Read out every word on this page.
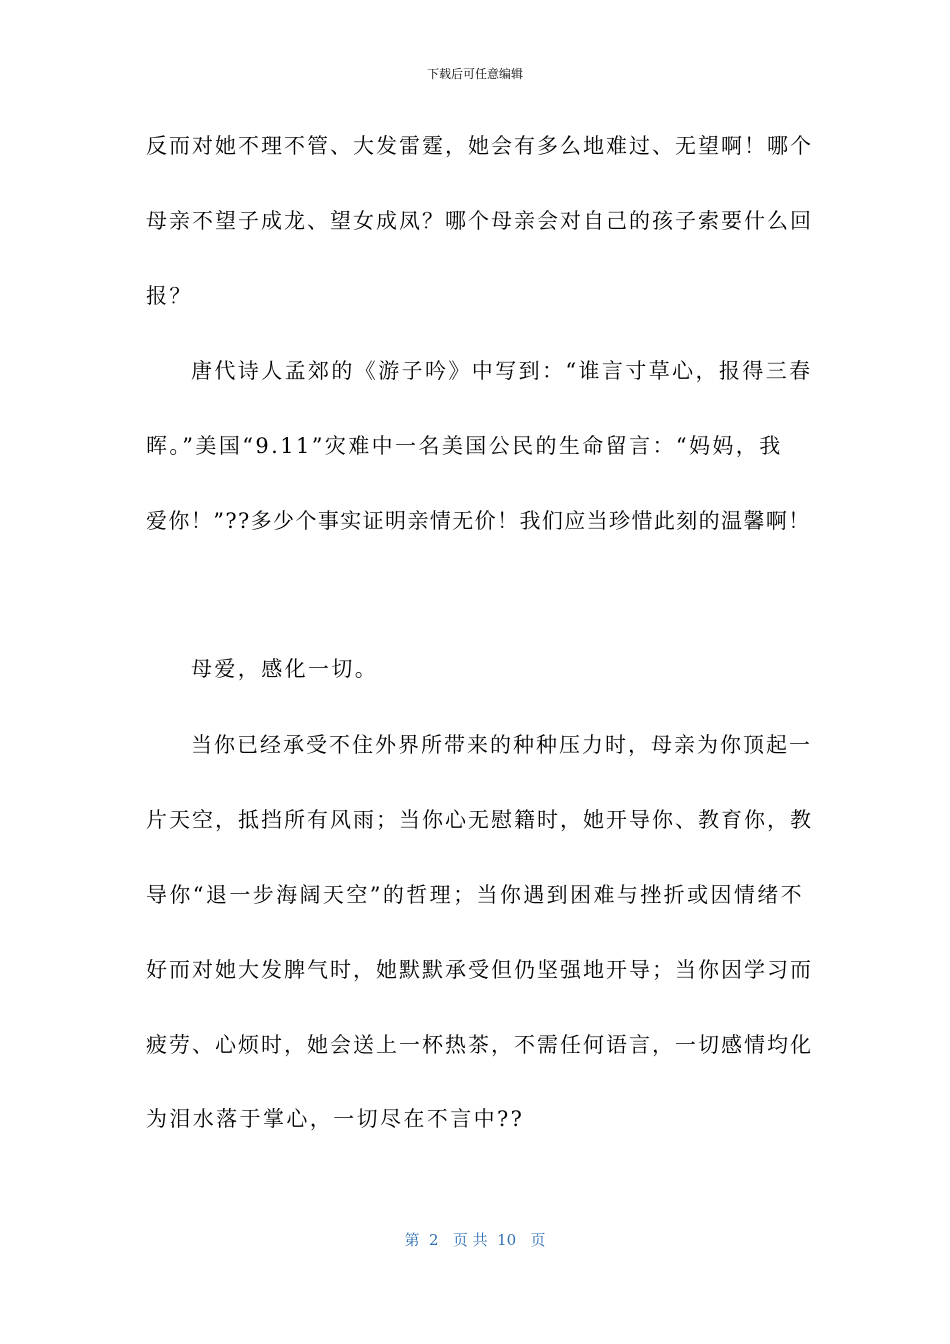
下载后可任意编辑
反而对她不理不管、大发雷霆，她会有多么地难过、无望啊！哪个
母亲不望子成龙、望女成凤？哪个母亲会对自己的孩子索要什么回
报？
唐代诗人孟郊的《游子吟》中写到：“谁言寸草心，报得三春
晖。”美国“9.11”灾难中一名美国公民的生命留言：“妈妈，我
爱你！”??多少个事实证明亲情无价！我们应当珍惜此刻的温馨啊！
母爱，感化一切。
当你已经承受不住外界所带来的种种压力时，母亲为你顶起一
片天空，抵挡所有风雨；当你心无慰籍时，她开导你、教育你，教
导你“退一步海阔天空”的哲理；当你遇到困难与挫折或因情绪不
好而对她大发脾气时，她默默承受但仍坚强地开导；当你因学习而
疲劳、心烦时，她会送上一杯热茶，不需任何语言，一切感情均化
为泪水落于掌心，一切尽在不言中??
第  2   页 共  10   页
